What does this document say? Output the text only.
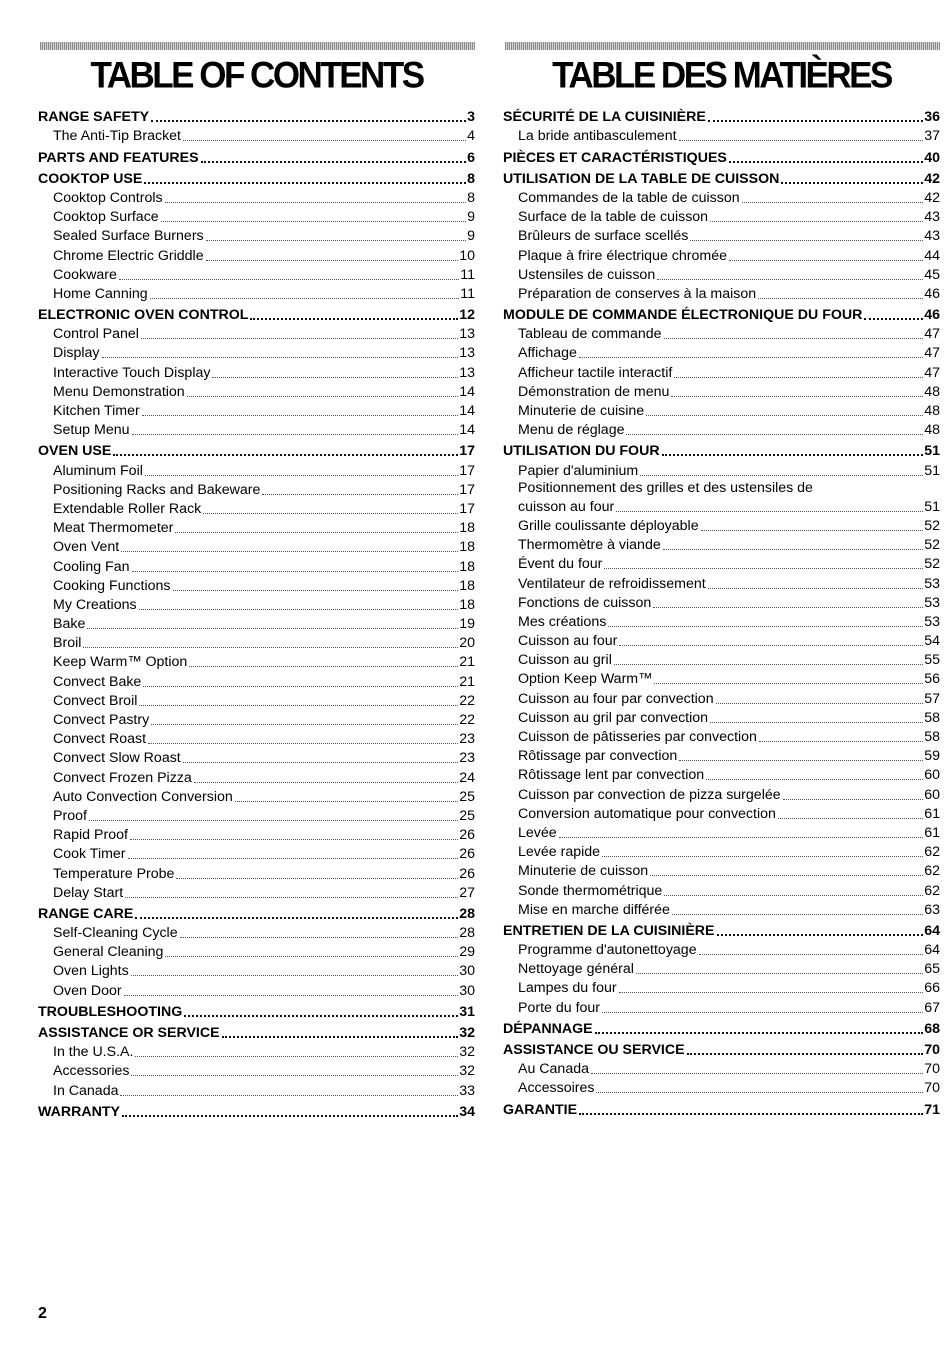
TABLE OF CONTENTS
RANGE SAFETY	3
The Anti-Tip Bracket	4
PARTS AND FEATURES	6
COOKTOP USE	8
Cooktop Controls	8
Cooktop Surface	9
Sealed Surface Burners	9
Chrome Electric Griddle	10
Cookware	11
Home Canning	11
ELECTRONIC OVEN CONTROL	12
Control Panel	13
Display	13
Interactive Touch Display	13
Menu Demonstration	14
Kitchen Timer	14
Setup Menu	14
OVEN USE	17
Aluminum Foil	17
Positioning Racks and Bakeware	17
Extendable Roller Rack	17
Meat Thermometer	18
Oven Vent	18
Cooling Fan	18
Cooking Functions	18
My Creations	18
Bake	19
Broil	20
Keep Warm™ Option	21
Convect Bake	21
Convect Broil	22
Convect Pastry	22
Convect Roast	23
Convect Slow Roast	23
Convect Frozen Pizza	24
Auto Convection Conversion	25
Proof	25
Rapid Proof	26
Cook Timer	26
Temperature Probe	26
Delay Start	27
RANGE CARE	28
Self-Cleaning Cycle	28
General Cleaning	29
Oven Lights	30
Oven Door	30
TROUBLESHOOTING	31
ASSISTANCE OR SERVICE	32
In the U.S.A.	32
Accessories	32
In Canada	33
WARRANTY	34
TABLE DES MATIÈRES
SÉCURITÉ DE LA CUISINIÈRE	36
La bride antibasculement	37
PIÈCES ET CARACTÉRISTIQUES	40
UTILISATION DE LA TABLE DE CUISSON	42
Commandes de la table de cuisson	42
Surface de la table de cuisson	43
Brûleurs de surface scellés	43
Plaque à frire électrique chromée	44
Ustensiles de cuisson	45
Préparation de conserves à la maison	46
MODULE DE COMMANDE ÉLECTRONIQUE DU FOUR	46
Tableau de commande	47
Affichage	47
Afficheur tactile interactif	47
Démonstration de menu	48
Minuterie de cuisine	48
Menu de réglage	48
UTILISATION DU FOUR	51
Papier d'aluminium	51
Positionnement des grilles et des ustensiles de
cuisson au four	51
Grille coulissante déployable	52
Thermomètre à viande	52
Évent du four	52
Ventilateur de refroidissement	53
Fonctions de cuisson	53
Mes créations	53
Cuisson au four	54
Cuisson au gril	55
Option Keep Warm™	56
Cuisson au four par convection	57
Cuisson au gril par convection	58
Cuisson de pâtisseries par convection	58
Rôtissage par convection	59
Rôtissage lent par convection	60
Cuisson par convection de pizza surgelée	60
Conversion automatique pour convection	61
Levée	61
Levée rapide	62
Minuterie de cuisson	62
Sonde thermométrique	62
Mise en marche différée	63
ENTRETIEN DE LA CUISINIÈRE	64
Programme d'autonettoyage	64
Nettoyage général	65
Lampes du four	66
Porte du four	67
DÉPANNAGE	68
ASSISTANCE OU SERVICE	70
Au Canada	70
Accessoires	70
GARANTIE	71
2
